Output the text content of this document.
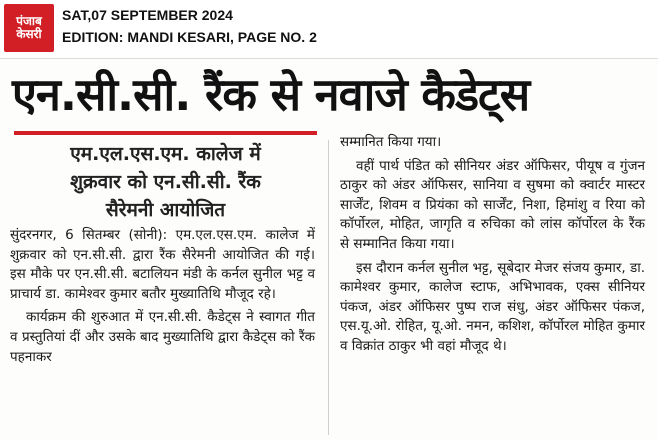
पंजाब
केसरी
SAT,07 SEPTEMBER 2024
EDITION: MANDI KESARI, PAGE NO. 2
एन.सी.सी. रैंक से नवाजे कैडेट्स
एम.एल.एस.एम. कालेज में
शुक्रवार को एन.सी.सी. रैंक
सैरेमनी आयोजित

सुंदरनगर, 6 सितम्बर (सोनी): एम.एल.एस.एम. कालेज में शुक्रवार को एन.सी.सी. द्वारा रैंक सैरेमनी आयोजित की गई। इस मौके पर एन.सी.सी. बटालियन मंडी के कर्नल सुनील भट्ट व प्राचार्य डा. कामेश्वर कुमार बतौर मुख्यातिथि मौजूद रहे।

कार्यक्रम की शुरुआत में एन.सी.सी. कैडेट्स ने स्वागत गीत व प्रस्तुतियां दीं और उसके बाद मुख्यातिथि द्वारा कैडेट्स को रैंक पहनाकर

सम्मानित किया गया।

वहीं पार्थ पंडित को सीनियर अंडर ऑफिसर, पीयूष व गुंजन ठाकुर को अंडर ऑफिसर, सानिया व सुषमा को क्वार्टर मास्टर सार्जेंट, शिवम व प्रियंका को सार्जेंट, निशा, हिमांशु व रिया को कॉर्पोरल, मोहित, जागृति व रुचिका को लांस कॉर्पोरल के रैंक से सम्मानित किया गया।

इस दौरान कर्नल सुनील भट्ट, सूबेदार मेजर संजय कुमार, डा. कामेश्वर कुमार, कालेज स्टाफ, अभिभावक, एक्स सीनियर पंकज, अंडर ऑफिसर पुष्प राज संधु, अंडर ऑफिसर पंकज, एस.यू.ओ. रोहित, यू.ओ. नमन, कशिश, कॉर्पोरल मोहित कुमार व विक्रांत ठाकुर भी वहां मौजूद थे।
